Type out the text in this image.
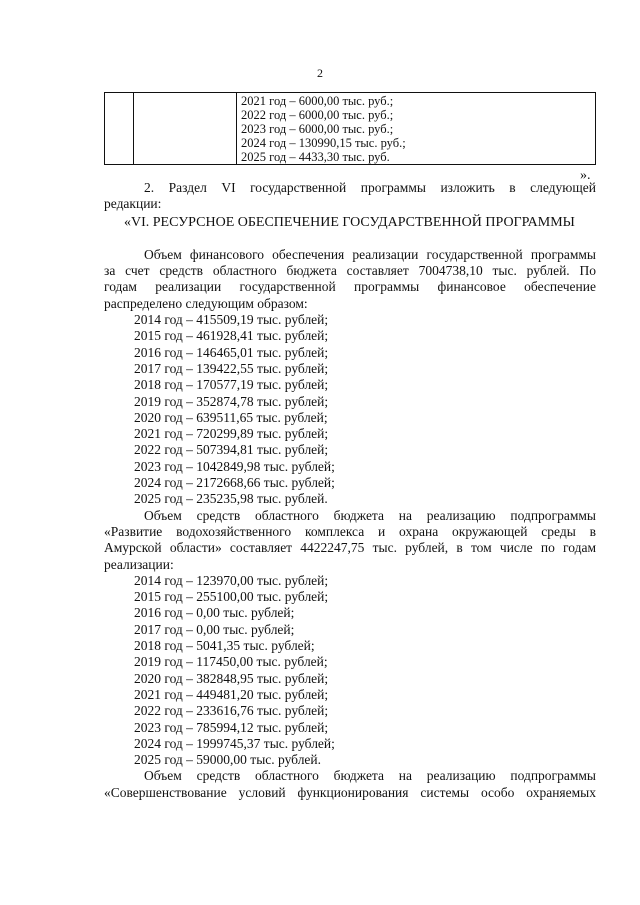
2

2021 год – 6000,00 тыс. руб.;
2022 год – 6000,00 тыс. руб.;
2023 год – 6000,00 тыс. руб.;
2024 год – 130990,15 тыс. руб.;
2025 год – 4433,30 тыс. руб.
».
2. Раздел VI государственной программы изложить в следующей
редакции:
«VI. РЕСУРСНОЕ ОБЕСПЕЧЕНИЕ ГОСУДАРСТВЕННОЙ ПРОГРАММЫ
Объем финансового обеспечения реализации государственной программы
за счет средств областного бюджета составляет 7004738,10 тыс. рублей. По
годам реализации государственной программы финансовое обеспечение
распределено следующим образом:
2014 год – 415509,19 тыс. рублей;
2015 год – 461928,41 тыс. рублей;
2016 год – 146465,01 тыс. рублей;
2017 год – 139422,55 тыс. рублей;
2018 год – 170577,19 тыс. рублей;
2019 год – 352874,78 тыс. рублей;
2020 год – 639511,65 тыс. рублей;
2021 год – 720299,89 тыс. рублей;
2022 год – 507394,81 тыс. рублей;
2023 год – 1042849,98 тыс. рублей;
2024 год – 2172668,66 тыс. рублей;
2025 год – 235235,98 тыс. рублей.
Объем средств областного бюджета на реализацию подпрограммы
«Развитие водохозяйственного комплекса и охрана окружающей среды в
Амурской области» составляет 4422247,75 тыс. рублей, в том числе по годам
реализации:
2014 год – 123970,00 тыс. рублей;
2015 год – 255100,00 тыс. рублей;
2016 год – 0,00 тыс. рублей;
2017 год – 0,00 тыс. рублей;
2018 год – 5041,35 тыс. рублей;
2019 год – 117450,00 тыс. рублей;
2020 год – 382848,95 тыс. рублей;
2021 год – 449481,20 тыс. рублей;
2022 год – 233616,76 тыс. рублей;
2023 год – 785994,12 тыс. рублей;
2024 год – 1999745,37 тыс. рублей;
2025 год – 59000,00 тыс. рублей.
Объем средств областного бюджета на реализацию подпрограммы
«Совершенствование условий функционирования системы особо охраняемых
